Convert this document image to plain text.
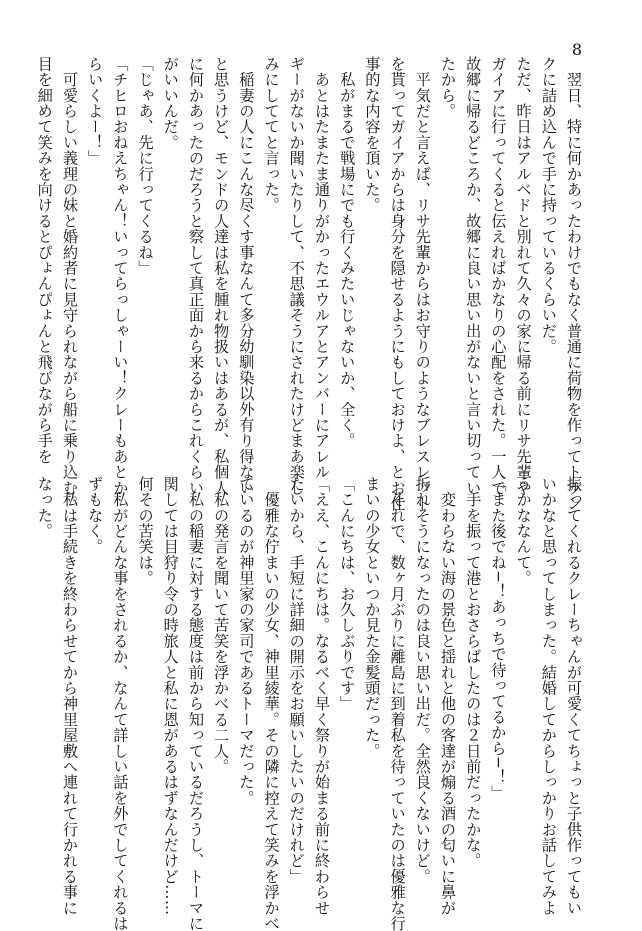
8
　翌日、特に何かあったわけでもなく普通に荷物を作ってトラン
クに詰め込んで手に持っているくらいだ。
ただ、昨日はアルベドと別れて久々の家に帰る前にリサ先輩や
ガイアに行ってくると伝えればかなりの心配をされた。一人で
故郷に帰るどころか、故郷に良い思い出がないと言い切ってい
たから。
　平気だと言えば、リサ先輩からはお守りのようなブレスレット
を貰ってガイアからは身分を隠せるようにもしておけよ、とお仕
事的な内容を頂いた。
　私がまるで戦場にでも行くみたいじゃないか、全く。
　あとはたまたま通りがかったエウルアとアンバーにアレル
ギーがないか聞いたりして、不思議そうにされたけどまあ楽し
みにしててと言った。
　稲妻の人にこんな尽くす事なんて多分幼馴染以外有り得ない
と思うけど、モンドの人達は私を腫れ物扱いはあるが、私個人
に何かあったのだろうと察して真正面から来るからこれくらい
がいいんだ。
「じゃあ、先に行ってくるね」
「チヒロおねえちゃん！いってらっしゃーい！クレーもあとか
らいくよー！」
　可愛らしい義理の妹と婚約者に見守られながら船に乗り込む。
目を細めて笑みを向けるとぴょんぴょんと飛びながら手を
振ってくれるクレーちゃんが可愛くてちょっと子供作ってもい
いかなと思ってしまった。結婚してからしっかりお話してみよ
うかななんて。
「また後でね−！あっちで待ってるから−！」
　手を振って港とおさらばしたのは２日前だったかな。
　変わらない海の景色と揺れと他の客達が煽る酒の匂いに鼻が
折れそうになったのは良い思い出だ。全然良くないけど。
　それで、数ヶ月ぶりに離島に到着私を待っていたのは優雅な行
まいの少女といつか見た金髪頭だった。
「こんにちは、お久しぶりです」
「ええ、こんにちは。なるべく早く祭りが始まる前に終わらせ
たいから、手短に詳細の開示をお願いしたいのだけれど」
　優雅な佇まいの少女、神里綾華。その隣に控えて笑みを浮かべ
ているのが神里家の家司であるトーマだった。
　私の発言を聞いて苦笑を浮かべる二人。
　私の稲妻に対する態度は前から知っているだろうし、トーマに
関しては目狩り令の時旅人と私に恩があるはずなんだけど……
何その苦笑は。
　私がどんな事をされるか、なんて詳しい話を外でしてくれるは
ずもなく。
　私は手続きを終わらせてから神里屋敷へ連れて行かれる事に
なった。
